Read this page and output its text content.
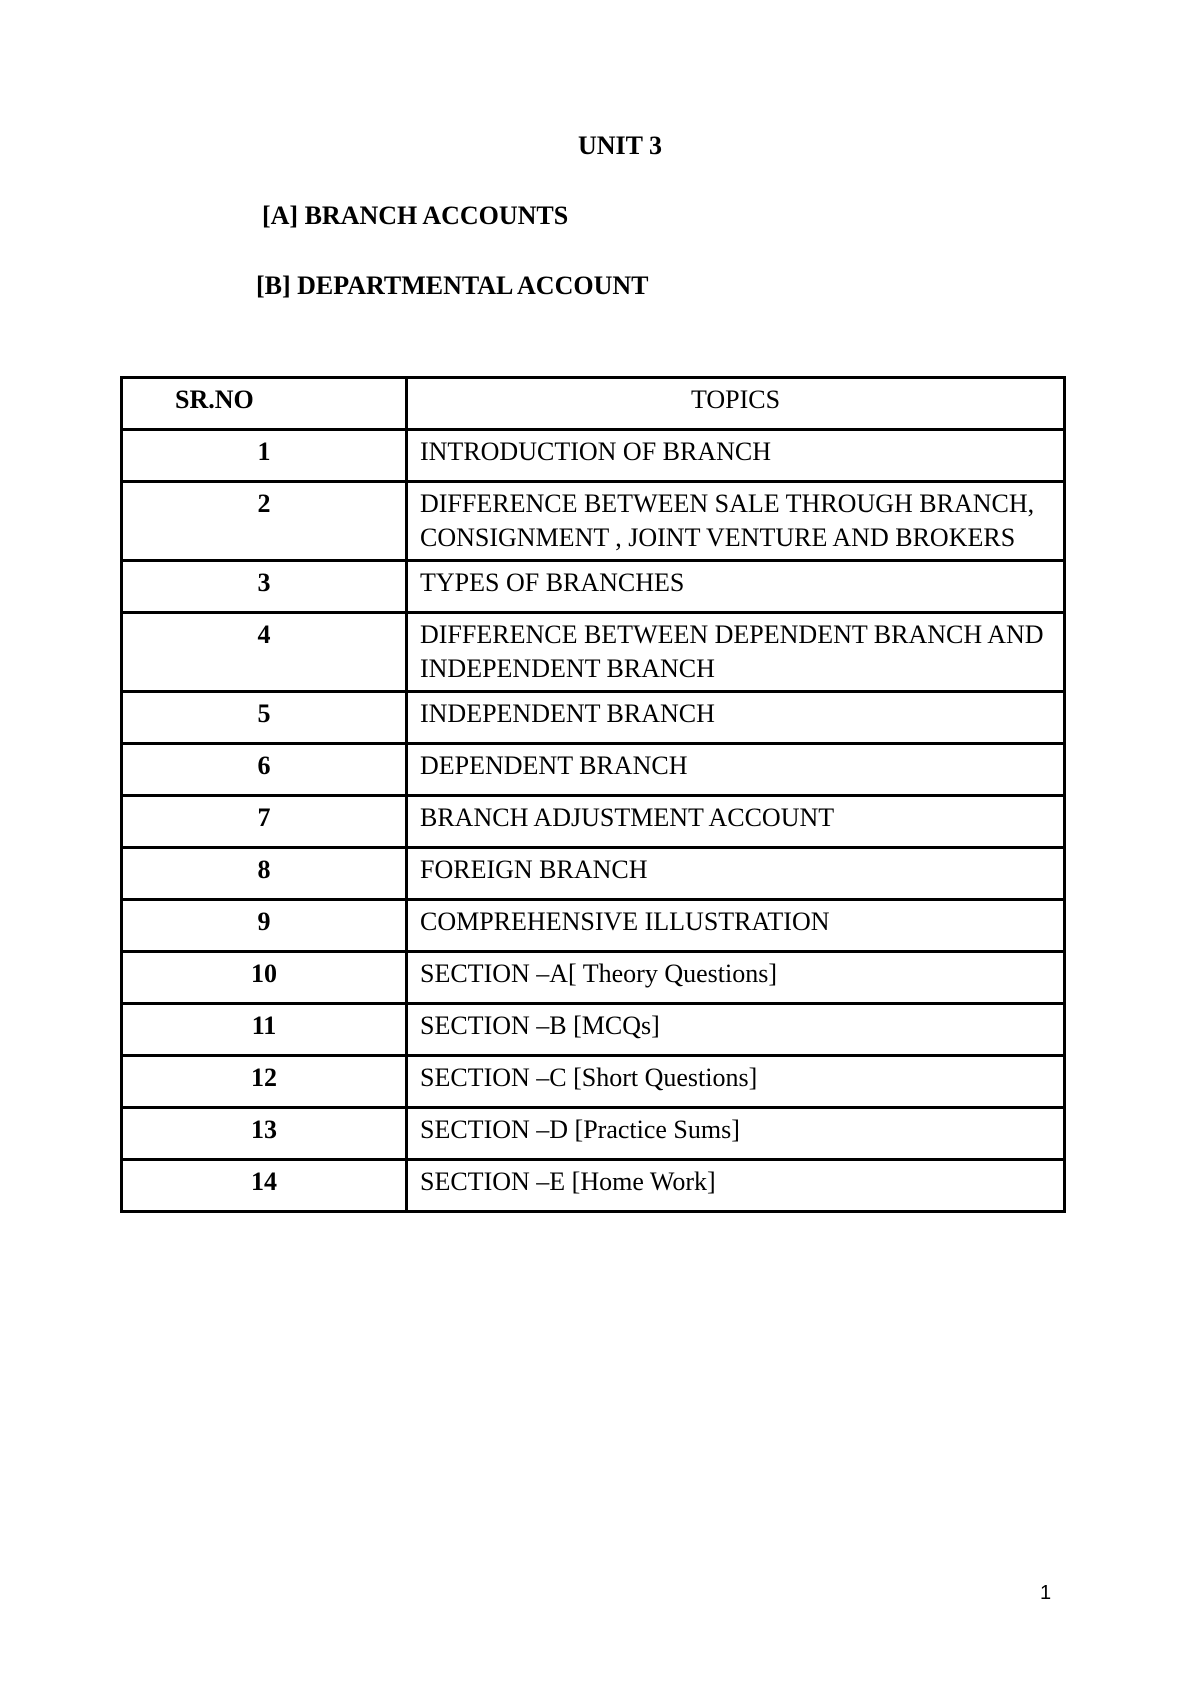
UNIT 3
[A] BRANCH ACCOUNTS
[B] DEPARTMENTAL ACCOUNT
SR.NO	TOPICS
1	INTRODUCTION OF BRANCH
2	DIFFERENCE BETWEEN SALE THROUGH BRANCH, CONSIGNMENT , JOINT VENTURE AND BROKERS
3	TYPES OF BRANCHES
4	DIFFERENCE BETWEEN DEPENDENT BRANCH AND INDEPENDENT BRANCH
5	INDEPENDENT BRANCH
6	DEPENDENT BRANCH
7	BRANCH ADJUSTMENT ACCOUNT
8	FOREIGN BRANCH
9	COMPREHENSIVE ILLUSTRATION
10	SECTION –A[ Theory Questions]
11	SECTION –B [MCQs]
12	SECTION –C [Short Questions]
13	SECTION –D [Practice Sums]
14	SECTION –E [Home Work]
1
